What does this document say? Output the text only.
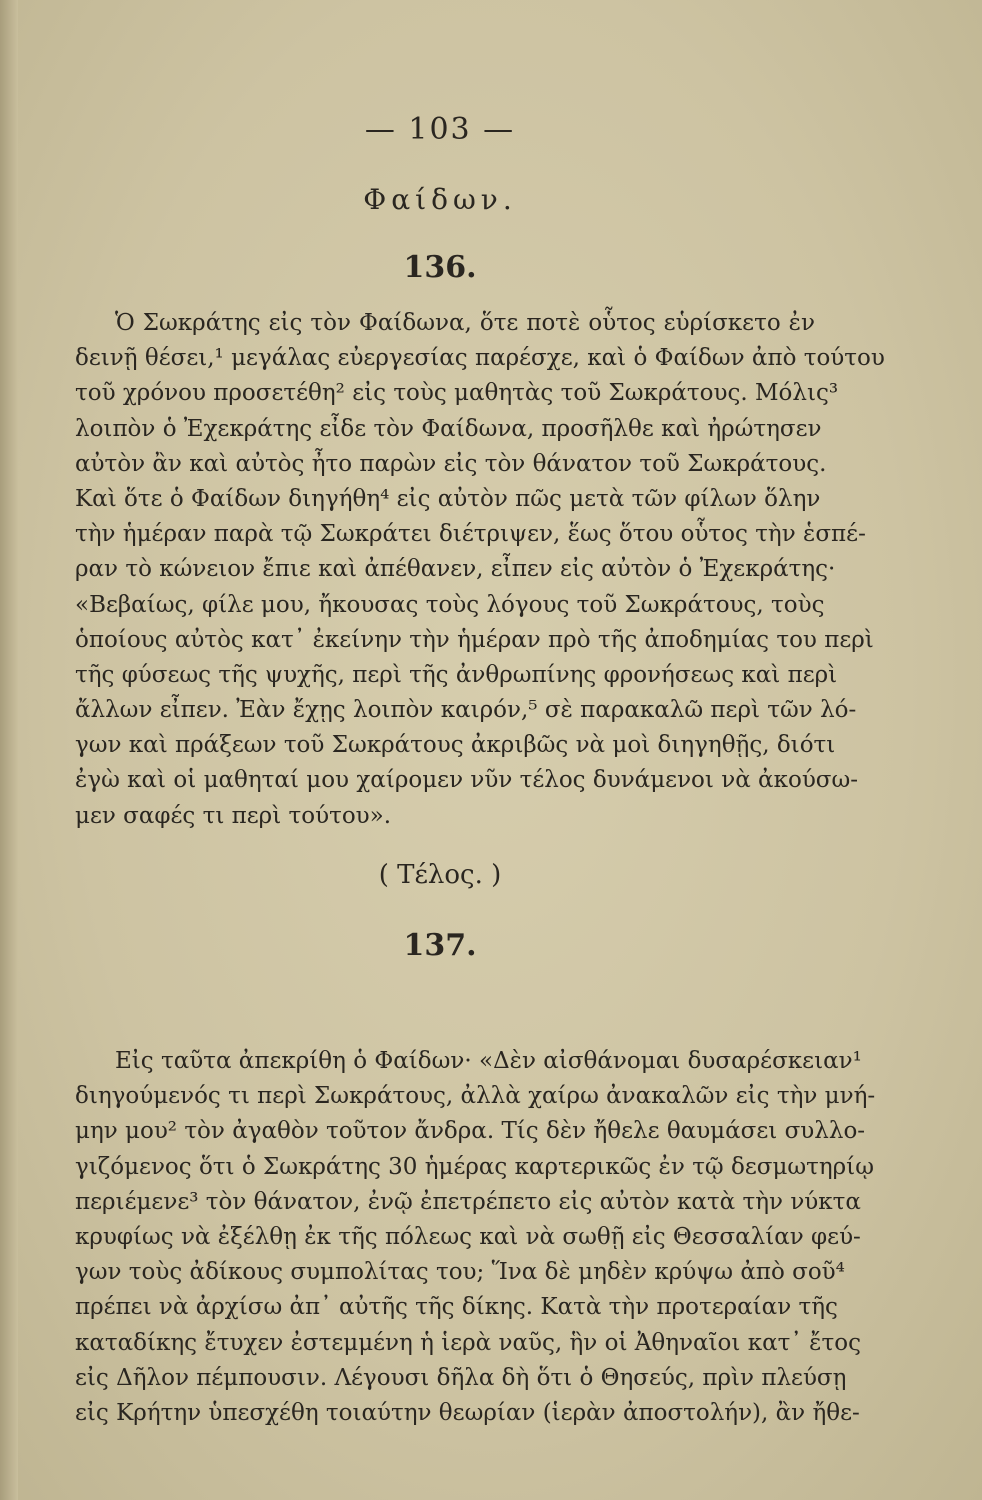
— 103 —
Φαίδων.
136.
Ὁ Σωκράτης εἰς τὸν Φαίδωνα, ὅτε ποτὲ οὗτος εὑρίσκετο ἐν
δεινῇ θέσει,¹ μεγάλας εὐεργεσίας παρέσχε, καὶ ὁ Φαίδων ἀπὸ τούτου
τοῦ χρόνου προσετέθη² εἰς τοὺς μαθητὰς τοῦ Σωκράτους. Μόλις³
λοιπὸν ὁ Ἐχεκράτης εἶδε τὸν Φαίδωνα, προσῆλθε καὶ ἠρώτησεν
αὐτὸν ἂν καὶ αὐτὸς ἦτο παρὼν εἰς τὸν θάνατον τοῦ Σωκράτους.
Καὶ ὅτε ὁ Φαίδων διηγήθη⁴ εἰς αὐτὸν πῶς μετὰ τῶν φίλων ὅλην
τὴν ἡμέραν παρὰ τῷ Σωκράτει διέτριψεν, ἕως ὅτου οὗτος τὴν ἑσπέ-
ραν τὸ κώνειον ἔπιε καὶ ἀπέθανεν, εἶπεν εἰς αὐτὸν ὁ Ἐχεκράτης·
«Βεβαίως, φίλε μου, ἤκουσας τοὺς λόγους τοῦ Σωκράτους, τοὺς
ὁποίους αὐτὸς κατ᾽ ἐκείνην τὴν ἡμέραν πρὸ τῆς ἀποδημίας του περὶ
τῆς φύσεως τῆς ψυχῆς, περὶ τῆς ἀνθρωπίνης φρονήσεως καὶ περὶ
ἄλλων εἶπεν. Ἐὰν ἔχῃς λοιπὸν καιρόν,⁵ σὲ παρακαλῶ περὶ τῶν λό-
γων καὶ πράξεων τοῦ Σωκράτους ἀκριβῶς νὰ μοὶ διηγηθῇς, διότι
ἐγὼ καὶ οἱ μαθηταί μου χαίρομεν νῦν τέλος δυνάμενοι νὰ ἀκούσω-
μεν σαφές τι περὶ τούτου».
( Τέλος. )
137.
Εἰς ταῦτα ἀπεκρίθη ὁ Φαίδων· «Δὲν αἰσθάνομαι δυσαρέσκειαν¹
διηγούμενός τι περὶ Σωκράτους, ἀλλὰ χαίρω ἀνακαλῶν εἰς τὴν μνή-
μην μου² τὸν ἀγαθὸν τοῦτον ἄνδρα. Τίς δὲν ἤθελε θαυμάσει συλλο-
γιζόμενος ὅτι ὁ Σωκράτης 30 ἡμέρας καρτερικῶς ἐν τῷ δεσμωτηρίῳ
περιέμενε³ τὸν θάνατον, ἐνῷ ἐπετρέπετο εἰς αὐτὸν κατὰ τὴν νύκτα
κρυφίως νὰ ἐξέλθῃ ἐκ τῆς πόλεως καὶ νὰ σωθῇ εἰς Θεσσαλίαν φεύ-
γων τοὺς ἀδίκους συμπολίτας του; Ἵνα δὲ μηδὲν κρύψω ἀπὸ σοῦ⁴
πρέπει νὰ ἀρχίσω ἀπ᾽ αὐτῆς τῆς δίκης. Κατὰ τὴν προτεραίαν τῆς
καταδίκης ἔτυχεν ἐστεμμένη ἡ ἱερὰ ναῦς, ἣν οἱ Ἀθηναῖοι κατ᾽ ἔτος
εἰς Δῆλον πέμπουσιν. Λέγουσι δῆλα δὴ ὅτι ὁ Θησεύς, πρὶν πλεύσῃ
εἰς Κρήτην ὑπεσχέθη τοιαύτην θεωρίαν (ἱερὰν ἀποστολήν), ἂν ἤθε-
